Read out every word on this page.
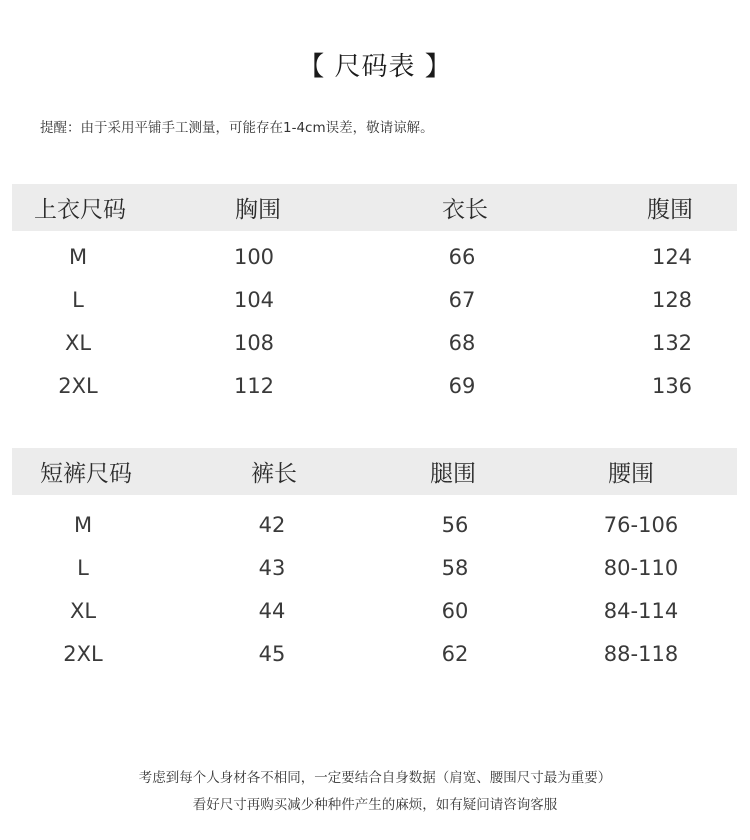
【 尺码表 】
提醒：由于采用平铺手工测量，可能存在1-4cm误差，敬请谅解。
上衣尺码	胸围	衣长	腹围
M	100	66	124
L	104	67	128
XL	108	68	132
2XL	112	69	136
短裤尺码	裤长	腿围	腰围
M	42	56	76-106
L	43	58	80-110
XL	44	60	84-114
2XL	45	62	88-118
考虑到每个人身材各不相同，一定要结合自身数据（肩宽、腰围尺寸最为重要）
看好尺寸再购买减少种种件产生的麻烦，如有疑问请咨询客服
